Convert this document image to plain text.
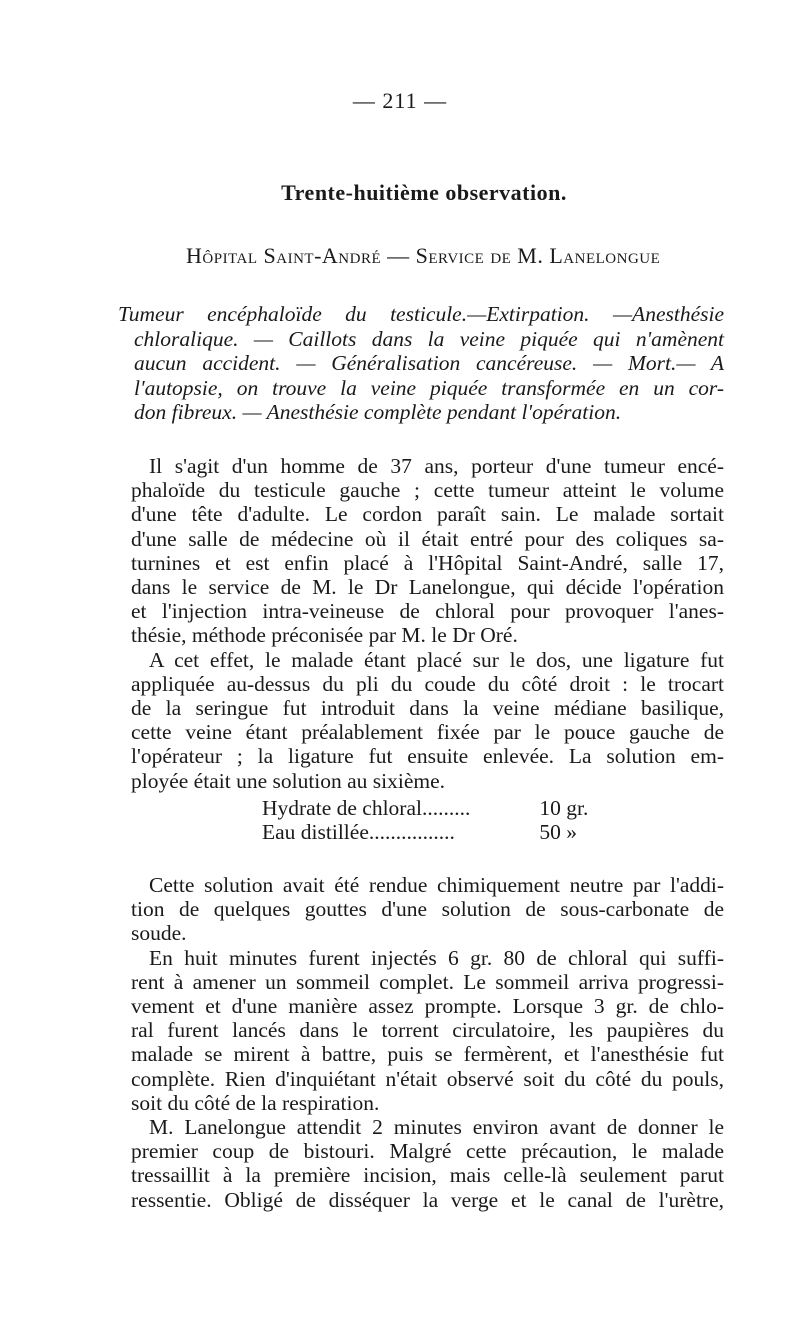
— 211 —
Trente-huitième observation.
Hôpital Saint-André — Service de M. Lanelongue
Tumeur encéphaloïde du testicule.—Extirpation. —Anesthésie
chloralique. — Caillots dans la veine piquée qui n'amènent
aucun accident. — Généralisation cancéreuse. — Mort.— A
l'autopsie, on trouve la veine piquée transformée en un cor-
don fibreux. — Anesthésie complète pendant l'opération.
Il s'agit d'un homme de 37 ans, porteur d'une tumeur encé-
phaloïde du testicule gauche ; cette tumeur atteint le volume
d'une tête d'adulte. Le cordon paraît sain. Le malade sortait
d'une salle de médecine où il était entré pour des coliques sa-
turnines et est enfin placé à l'Hôpital Saint-André, salle 17,
dans le service de M. le Dr Lanelongue, qui décide l'opération
et l'injection intra-veineuse de chloral pour provoquer l'anes-
thésie, méthode préconisée par M. le Dr Oré.
A cet effet, le malade étant placé sur le dos, une ligature fut
appliquée au-dessus du pli du coude du côté droit : le trocart
de la seringue fut introduit dans la veine médiane basilique,
cette veine étant préalablement fixée par le pouce gauche de
l'opérateur ; la ligature fut ensuite enlevée. La solution em-
ployée était une solution au sixième.
Hydrate de chloral.........	10 gr.
Eau distillée................	50 »
Cette solution avait été rendue chimiquement neutre par l'addi-
tion de quelques gouttes d'une solution de sous-carbonate de
soude.
En huit minutes furent injectés 6 gr. 80 de chloral qui suffi-
rent à amener un sommeil complet. Le sommeil arriva progressi-
vement et d'une manière assez prompte. Lorsque 3 gr. de chlo-
ral furent lancés dans le torrent circulatoire, les paupières du
malade se mirent à battre, puis se fermèrent, et l'anesthésie fut
complète. Rien d'inquiétant n'était observé soit du côté du pouls,
soit du côté de la respiration.
M. Lanelongue attendit 2 minutes environ avant de donner le
premier coup de bistouri. Malgré cette précaution, le malade
tressaillit à la première incision, mais celle-là seulement parut
ressentie. Obligé de disséquer la verge et le canal de l'urètre,
